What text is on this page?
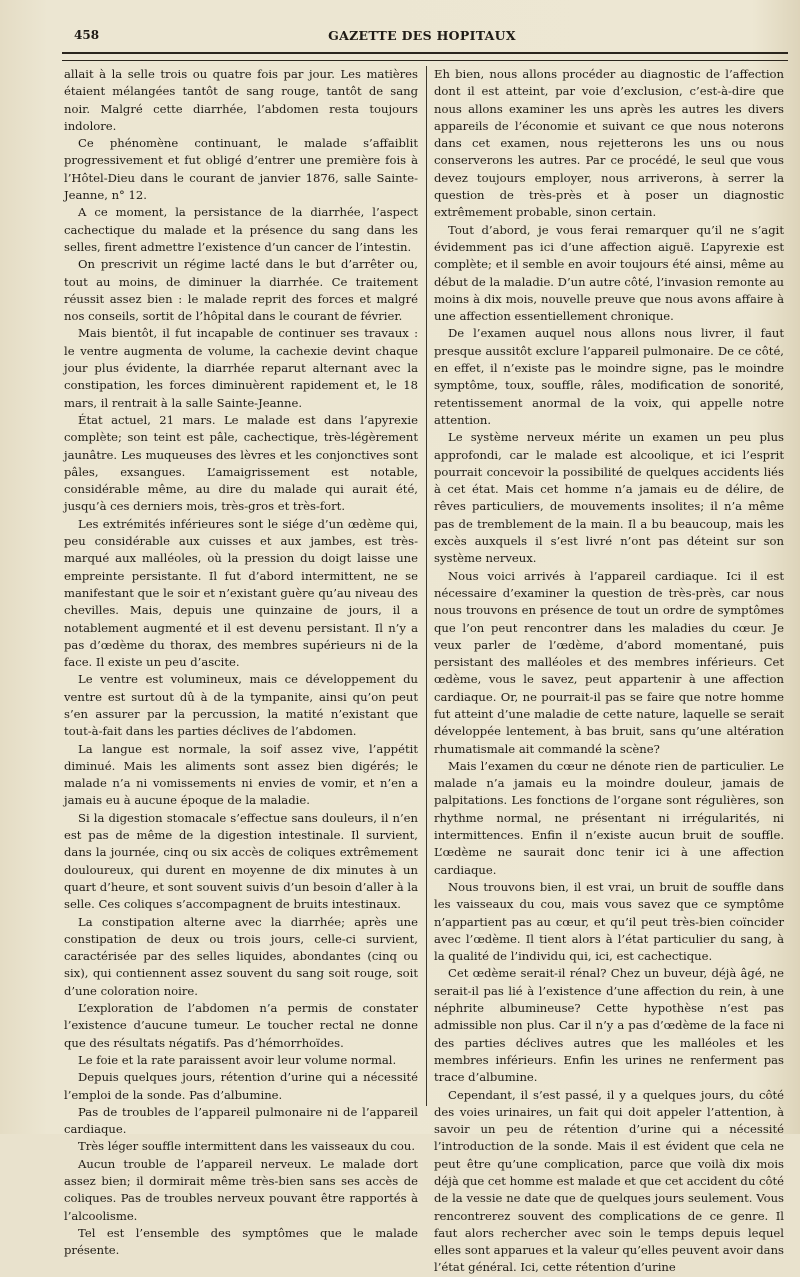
458	GAZETTE DES HOPITAUX

allait à la selle trois ou quatre fois par jour. Les matières étaient mélangées tantôt de sang rouge, tantôt de sang noir. Malgré cette diarrhée, l’abdomen resta toujours indolore.

Ce phénomène continuant, le malade s’affaiblit progressivement et fut obligé d’entrer une première fois à l’Hôtel-Dieu dans le courant de janvier 1876, salle Sainte-Jeanne, n° 12.

A ce moment, la persistance de la diarrhée, l’aspect cachectique du malade et la présence du sang dans les selles, firent admettre l’existence d’un cancer de l’intestin.

On prescrivit un régime lacté dans le but d’arrêter ou, tout au moins, de diminuer la diarrhée. Ce traitement réussit assez bien : le malade reprit des forces et malgré nos conseils, sortit de l’hôpital dans le courant de février.

Mais bientôt, il fut incapable de continuer ses travaux : le ventre augmenta de volume, la cachexie devint chaque jour plus évidente, la diarrhée reparut alternant avec la constipation, les forces diminuèrent rapidement et, le 18 mars, il rentrait à la salle Sainte-Jeanne.

État actuel, 21 mars. Le malade est dans l’apyrexie complète; son teint est pâle, cachectique, très-légèrement jaunâtre. Les muqueuses des lèvres et les conjonctives sont pâles, exsangues. L’amaigrissement est notable, considérable même, au dire du malade qui aurait été, jusqu’à ces derniers mois, très-gros et très-fort.

Les extrémités inférieures sont le siége d’un œdème qui, peu considérable aux cuisses et aux jambes, est très-marqué aux malléoles, où la pression du doigt laisse une empreinte persistante. Il fut d’abord intermittent, ne se manifestant que le soir et n’existant guère qu’au niveau des chevilles. Mais, depuis une quinzaine de jours, il a notablement augmenté et il est devenu persistant. Il n’y a pas d’œdème du thorax, des membres supérieurs ni de la face. Il existe un peu d’ascite.

Le ventre est volumineux, mais ce développement du ventre est surtout dû à de la tympanite, ainsi qu’on peut s’en assurer par la percussion, la matité n’existant que tout-à-fait dans les parties déclives de l’abdomen.

La langue est normale, la soif assez vive, l’appétit diminué. Mais les aliments sont assez bien digérés; le malade n’a ni vomissements ni envies de vomir, et n’en a jamais eu à aucune époque de la maladie.

Si la digestion stomacale s’effectue sans douleurs, il n’en est pas de même de la digestion intestinale. Il survient, dans la journée, cinq ou six accès de coliques extrêmement douloureux, qui durent en moyenne de dix minutes à un quart d’heure, et sont souvent suivis d’un besoin d’aller à la selle. Ces coliques s’accompagnent de bruits intestinaux.

La constipation alterne avec la diarrhée; après une constipation de deux ou trois jours, celle-ci survient, caractérisée par des selles liquides, abondantes (cinq ou six), qui contiennent assez souvent du sang soit rouge, soit d’une coloration noire.

L’exploration de l’abdomen n’a permis de constater l’existence d’aucune tumeur. Le toucher rectal ne donne que des résultats négatifs. Pas d’hémorrhoïdes.

Le foie et la rate paraissent avoir leur volume normal.

Depuis quelques jours, rétention d’urine qui a nécessité l’emploi de la sonde. Pas d’albumine.

Pas de troubles de l’appareil pulmonaire ni de l’appareil cardiaque.

Très léger souffle intermittent dans les vaisseaux du cou.

Aucun trouble de l’appareil nerveux. Le malade dort assez bien; il dormirait même très-bien sans ses accès de coliques. Pas de troubles nerveux pouvant être rapportés à l’alcoolisme.

Tel est l’ensemble des symptômes que le malade présente.

Eh bien, nous allons procéder au diagnostic de l’affection dont il est atteint, par voie d’exclusion, c’est-à-dire que nous allons examiner les uns après les autres les divers appareils de l’économie et suivant ce que nous noterons dans cet examen, nous rejetterons les uns ou nous conserverons les autres. Par ce procédé, le seul que vous devez toujours employer, nous arriverons, à serrer la question de très-près et à poser un diagnostic extrêmement probable, sinon certain.

Tout d’abord, je vous ferai remarquer qu’il ne s’agit évidemment pas ici d’une affection aiguë. L’apyrexie est complète; et il semble en avoir toujours été ainsi, même au début de la maladie. D’un autre côté, l’invasion remonte au moins à dix mois, nouvelle preuve que nous avons affaire à une affection essentiellement chronique.

De l’examen auquel nous allons nous livrer, il faut presque aussitôt exclure l’appareil pulmonaire. De ce côté, en effet, il n’existe pas le moindre signe, pas le moindre symptôme, toux, souffle, râles, modification de sonorité, retentissement anormal de la voix, qui appelle notre attention.

Le système nerveux mérite un examen un peu plus approfondi, car le malade est alcoolique, et ici l’esprit pourrait concevoir la possibilité de quelques accidents liés à cet état. Mais cet homme n’a jamais eu de délire, de rêves particuliers, de mouvements insolites; il n’a même pas de tremblement de la main. Il a bu beaucoup, mais les excès auxquels il s’est livré n’ont pas déteint sur son système nerveux.

Nous voici arrivés à l’appareil cardiaque. Ici il est nécessaire d’examiner la question de très-près, car nous nous trouvons en présence de tout un ordre de symptômes que l’on peut rencontrer dans les maladies du cœur. Je veux parler de l’œdème, d’abord momentané, puis persistant des malléoles et des membres inférieurs. Cet œdème, vous le savez, peut appartenir à une affection cardiaque. Or, ne pourrait-il pas se faire que notre homme fut atteint d’une maladie de cette nature, laquelle se serait développée lentement, à bas bruit, sans qu’une altération rhumatismale ait commandé la scène?

Mais l’examen du cœur ne dénote rien de particulier. Le malade n’a jamais eu la moindre douleur, jamais de palpitations. Les fonctions de l’organe sont régulières, son rhythme normal, ne présentant ni irrégularités, ni intermittences. Enfin il n’existe aucun bruit de souffle. L’œdème ne saurait donc tenir ici à une affection cardiaque.

Nous trouvons bien, il est vrai, un bruit de souffle dans les vaisseaux du cou, mais vous savez que ce symptôme n’appartient pas au cœur, et qu’il peut très-bien coïncider avec l’œdème. Il tient alors à l’état particulier du sang, à la qualité de l’individu qui, ici, est cachectique.

Cet œdème serait-il rénal? Chez un buveur, déjà âgé, ne serait-il pas lié à l’existence d’une affection du rein, à une néphrite albumineuse? Cette hypothèse n’est pas admissible non plus. Car il n’y a pas d’œdème de la face ni des parties déclives autres que les malléoles et les membres inférieurs. Enfin les urines ne renferment pas trace d’albumine.

Cependant, il s’est passé, il y a quelques jours, du côté des voies urinaires, un fait qui doit appeler l’attention, à savoir un peu de rétention d’urine qui a nécessité l’introduction de la sonde. Mais il est évident que cela ne peut être qu’une complication, parce que voilà dix mois déjà que cet homme est malade et que cet accident du côté de la vessie ne date que de quelques jours seulement. Vous rencontrerez souvent des complications de ce genre. Il faut alors rechercher avec soin le temps depuis lequel elles sont apparues et la valeur qu’elles peuvent avoir dans l’état général. Ici, cette rétention d’urine
